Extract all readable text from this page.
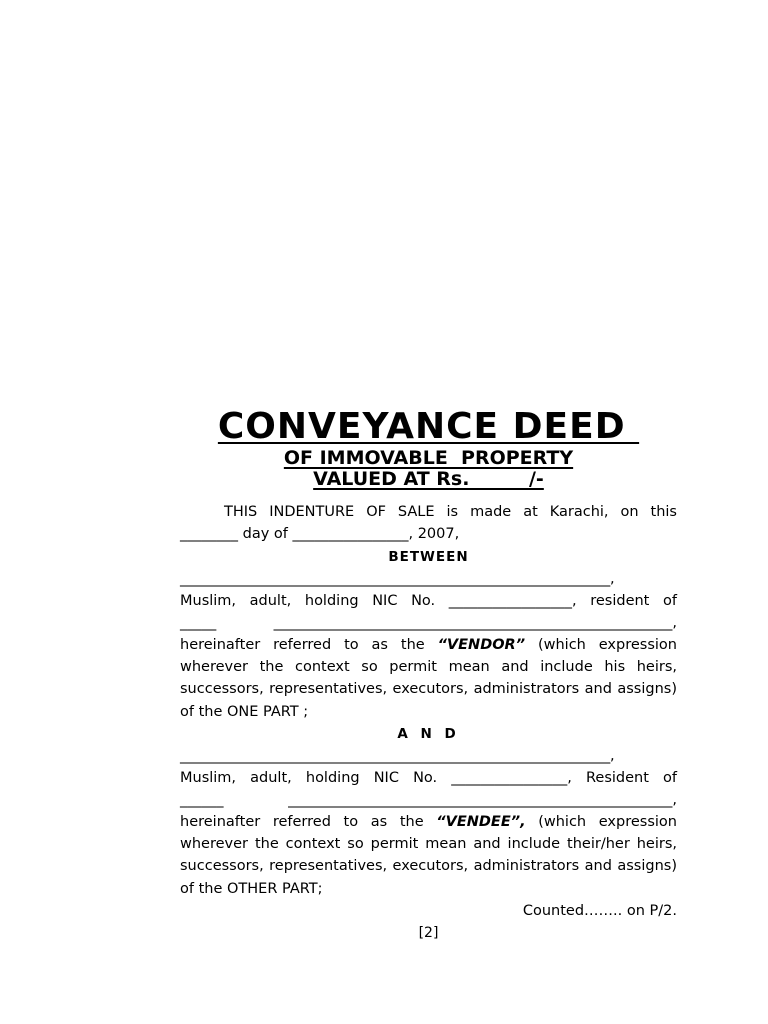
CONVEYANCE DEED
OF IMMOVABLE  PROPERTY
VALUED AT Rs.         /-
THIS INDENTURE OF SALE is made at Karachi, on this
________ day of ________________, 2007,
BETWEEN
_____________________________________________________________,
Muslim, adult, holding NIC No. _________________, resident of
_____	_______________________________________________________,
hereinafter referred to as the “VENDOR” (which expression wherever the context so permit mean and include his heirs, successors, representatives, executors, administrators and assigns) of the ONE PART ;
A N D
_____________________________________________________________,
Muslim, adult, holding NIC No. ________________, Resident of
______	_____________________________________________________,
hereinafter referred to as the “VENDEE”, (which expression wherever the context so permit mean and include their/her heirs, successors, representatives, executors, administrators and assigns) of the OTHER PART;
Counted…….. on P/2.
[2]
